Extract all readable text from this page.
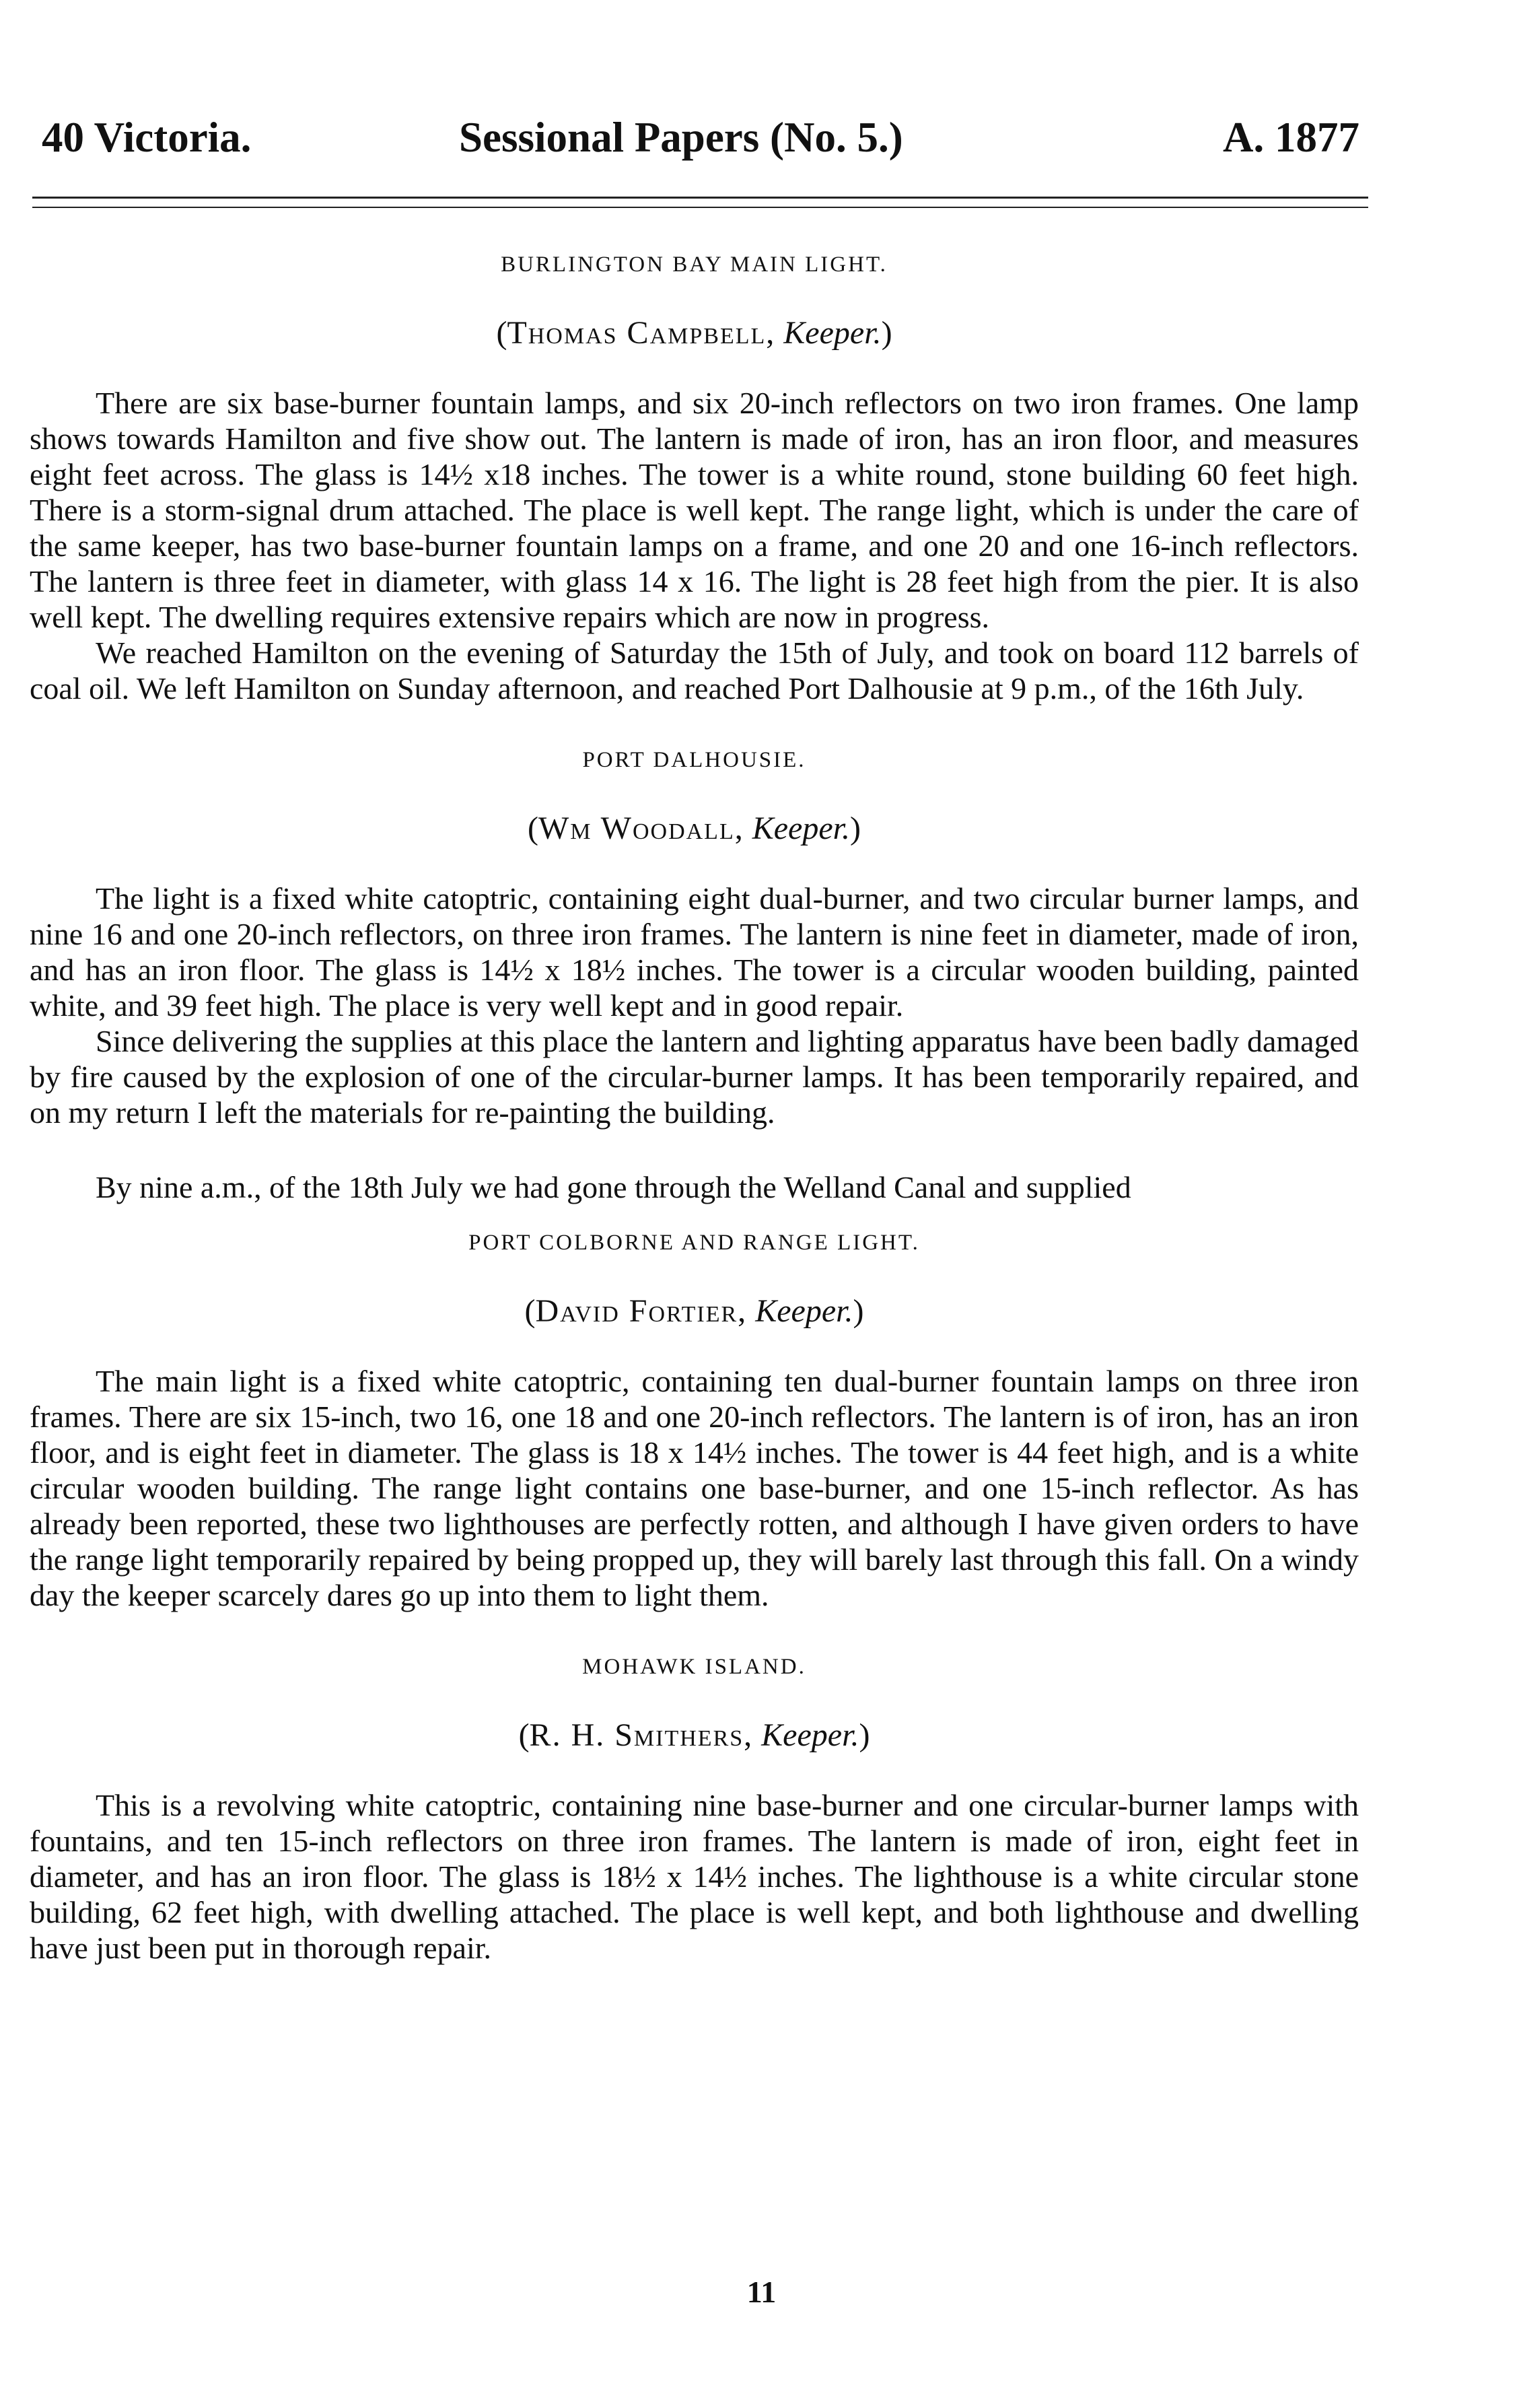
40 Victoria.	Sessional Papers (No. 5.)	A. 1877

BURLINGTON BAY MAIN LIGHT.

(Thomas Campbell, Keeper.)

There are six base-burner fountain lamps, and six 20-inch reflectors on two iron frames. One lamp shows towards Hamilton and five show out. The lantern is made of iron, has an iron floor, and measures eight feet across. The glass is 14½ x18 inches. The tower is a white round, stone building 60 feet high. There is a storm-signal drum attached. The place is well kept. The range light, which is under the care of the same keeper, has two base-burner fountain lamps on a frame, and one 20 and one 16-inch reflectors. The lantern is three feet in diameter, with glass 14 x 16. The light is 28 feet high from the pier. It is also well kept. The dwelling requires extensive repairs which are now in progress.

We reached Hamilton on the evening of Saturday the 15th of July, and took on board 112 barrels of coal oil. We left Hamilton on Sunday afternoon, and reached Port Dalhousie at 9 p.m., of the 16th July.

PORT DALHOUSIE.

(Wm Woodall, Keeper.)

The light is a fixed white catoptric, containing eight dual-burner, and two circular burner lamps, and nine 16 and one 20-inch reflectors, on three iron frames. The lantern is nine feet in diameter, made of iron, and has an iron floor. The glass is 14½ x 18½ inches. The tower is a circular wooden building, painted white, and 39 feet high. The place is very well kept and in good repair.

Since delivering the supplies at this place the lantern and lighting apparatus have been badly damaged by fire caused by the explosion of one of the circular-burner lamps. It has been temporarily repaired, and on my return I left the materials for re-painting the building.

By nine a.m., of the 18th July we had gone through the Welland Canal and supplied

PORT COLBORNE AND RANGE LIGHT.

(David Fortier, Keeper.)

The main light is a fixed white catoptric, containing ten dual-burner fountain lamps on three iron frames. There are six 15-inch, two 16, one 18 and one 20-inch reflectors. The lantern is of iron, has an iron floor, and is eight feet in diameter. The glass is 18 x 14½ inches. The tower is 44 feet high, and is a white circular wooden building. The range light contains one base-burner, and one 15-inch reflector. As has already been reported, these two lighthouses are perfectly rotten, and although I have given orders to have the range light temporarily repaired by being propped up, they will barely last through this fall. On a windy day the keeper scarcely dares go up into them to light them.

MOHAWK ISLAND.

(R. H. Smithers, Keeper.)

This is a revolving white catoptric, containing nine base-burner and one circular-burner lamps with fountains, and ten 15-inch reflectors on three iron frames. The lantern is made of iron, eight feet in diameter, and has an iron floor. The glass is 18½ x 14½ inches. The lighthouse is a white circular stone building, 62 feet high, with dwelling attached. The place is well kept, and both lighthouse and dwelling have just been put in thorough repair.

11
